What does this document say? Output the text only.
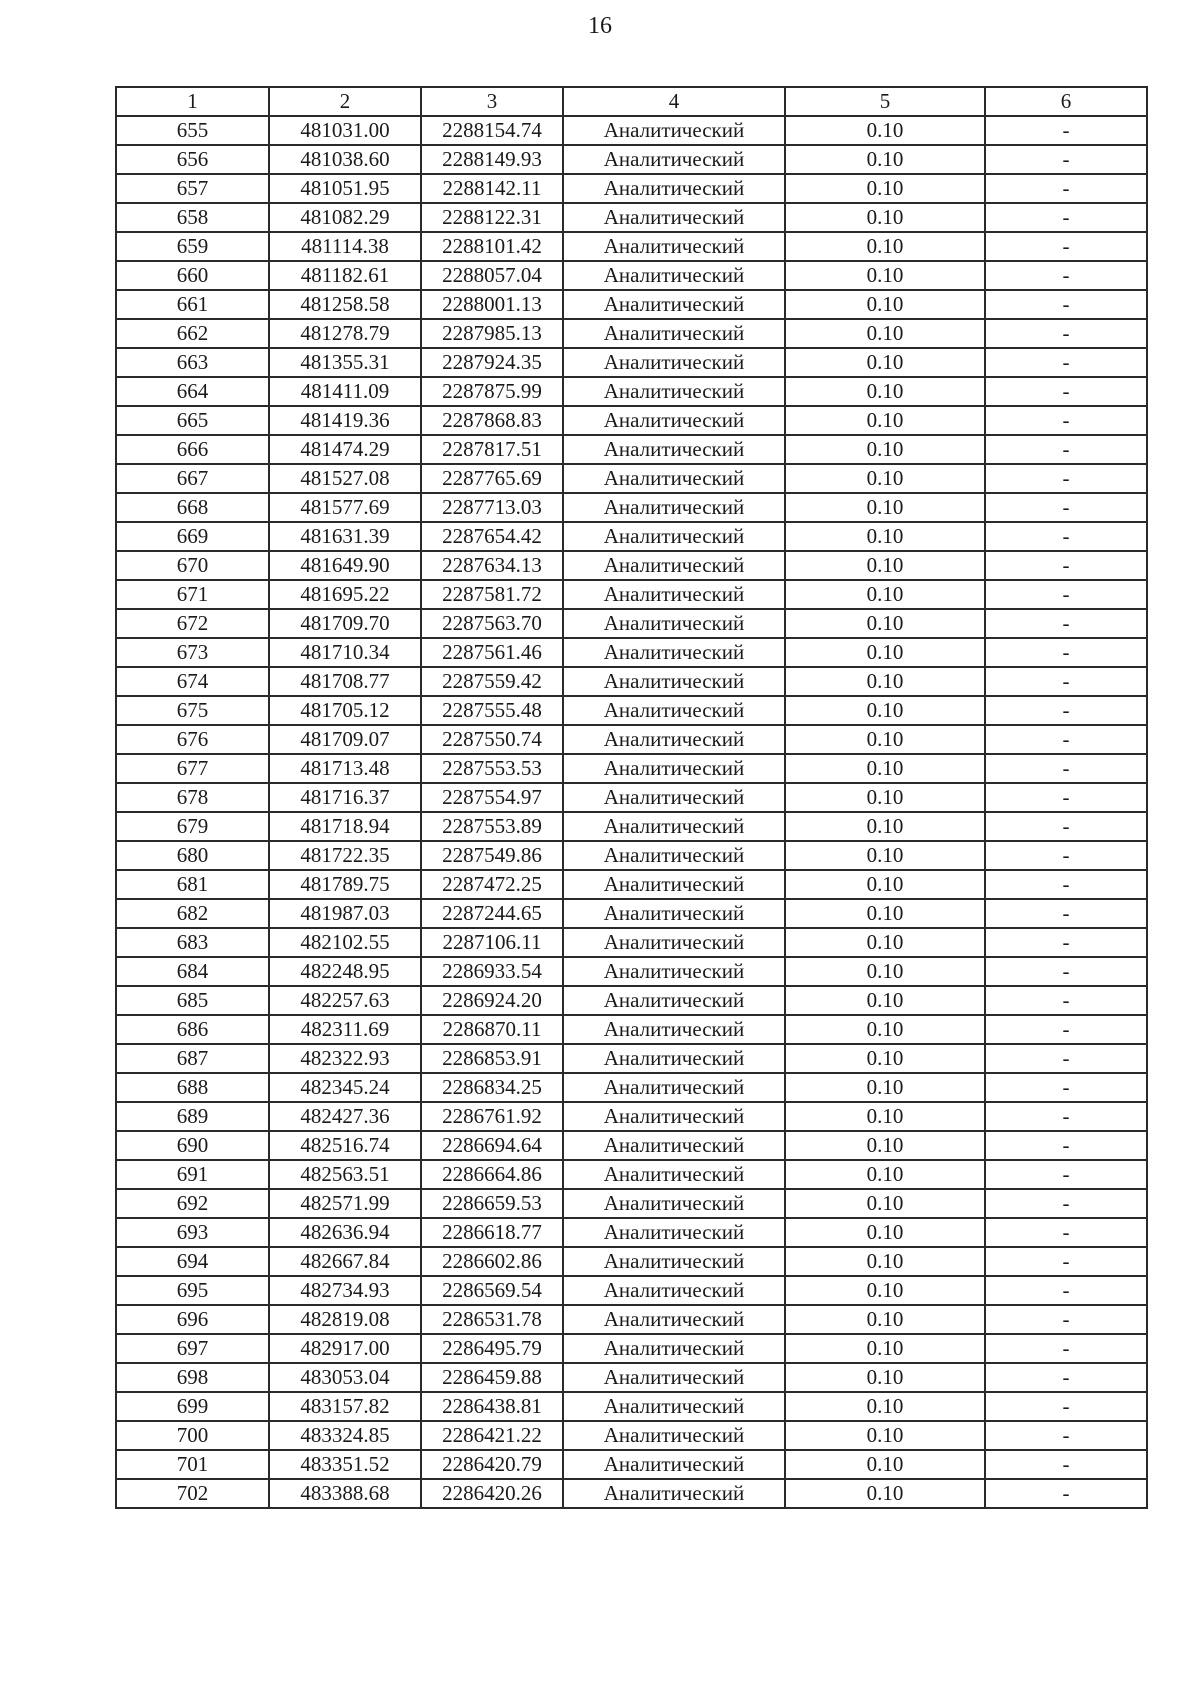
16
1	2	3	4	5	6
655	481031.00	2288154.74	Аналитический	0.10	-
656	481038.60	2288149.93	Аналитический	0.10	-
657	481051.95	2288142.11	Аналитический	0.10	-
658	481082.29	2288122.31	Аналитический	0.10	-
659	481114.38	2288101.42	Аналитический	0.10	-
660	481182.61	2288057.04	Аналитический	0.10	-
661	481258.58	2288001.13	Аналитический	0.10	-
662	481278.79	2287985.13	Аналитический	0.10	-
663	481355.31	2287924.35	Аналитический	0.10	-
664	481411.09	2287875.99	Аналитический	0.10	-
665	481419.36	2287868.83	Аналитический	0.10	-
666	481474.29	2287817.51	Аналитический	0.10	-
667	481527.08	2287765.69	Аналитический	0.10	-
668	481577.69	2287713.03	Аналитический	0.10	-
669	481631.39	2287654.42	Аналитический	0.10	-
670	481649.90	2287634.13	Аналитический	0.10	-
671	481695.22	2287581.72	Аналитический	0.10	-
672	481709.70	2287563.70	Аналитический	0.10	-
673	481710.34	2287561.46	Аналитический	0.10	-
674	481708.77	2287559.42	Аналитический	0.10	-
675	481705.12	2287555.48	Аналитический	0.10	-
676	481709.07	2287550.74	Аналитический	0.10	-
677	481713.48	2287553.53	Аналитический	0.10	-
678	481716.37	2287554.97	Аналитический	0.10	-
679	481718.94	2287553.89	Аналитический	0.10	-
680	481722.35	2287549.86	Аналитический	0.10	-
681	481789.75	2287472.25	Аналитический	0.10	-
682	481987.03	2287244.65	Аналитический	0.10	-
683	482102.55	2287106.11	Аналитический	0.10	-
684	482248.95	2286933.54	Аналитический	0.10	-
685	482257.63	2286924.20	Аналитический	0.10	-
686	482311.69	2286870.11	Аналитический	0.10	-
687	482322.93	2286853.91	Аналитический	0.10	-
688	482345.24	2286834.25	Аналитический	0.10	-
689	482427.36	2286761.92	Аналитический	0.10	-
690	482516.74	2286694.64	Аналитический	0.10	-
691	482563.51	2286664.86	Аналитический	0.10	-
692	482571.99	2286659.53	Аналитический	0.10	-
693	482636.94	2286618.77	Аналитический	0.10	-
694	482667.84	2286602.86	Аналитический	0.10	-
695	482734.93	2286569.54	Аналитический	0.10	-
696	482819.08	2286531.78	Аналитический	0.10	-
697	482917.00	2286495.79	Аналитический	0.10	-
698	483053.04	2286459.88	Аналитический	0.10	-
699	483157.82	2286438.81	Аналитический	0.10	-
700	483324.85	2286421.22	Аналитический	0.10	-
701	483351.52	2286420.79	Аналитический	0.10	-
702	483388.68	2286420.26	Аналитический	0.10	-
